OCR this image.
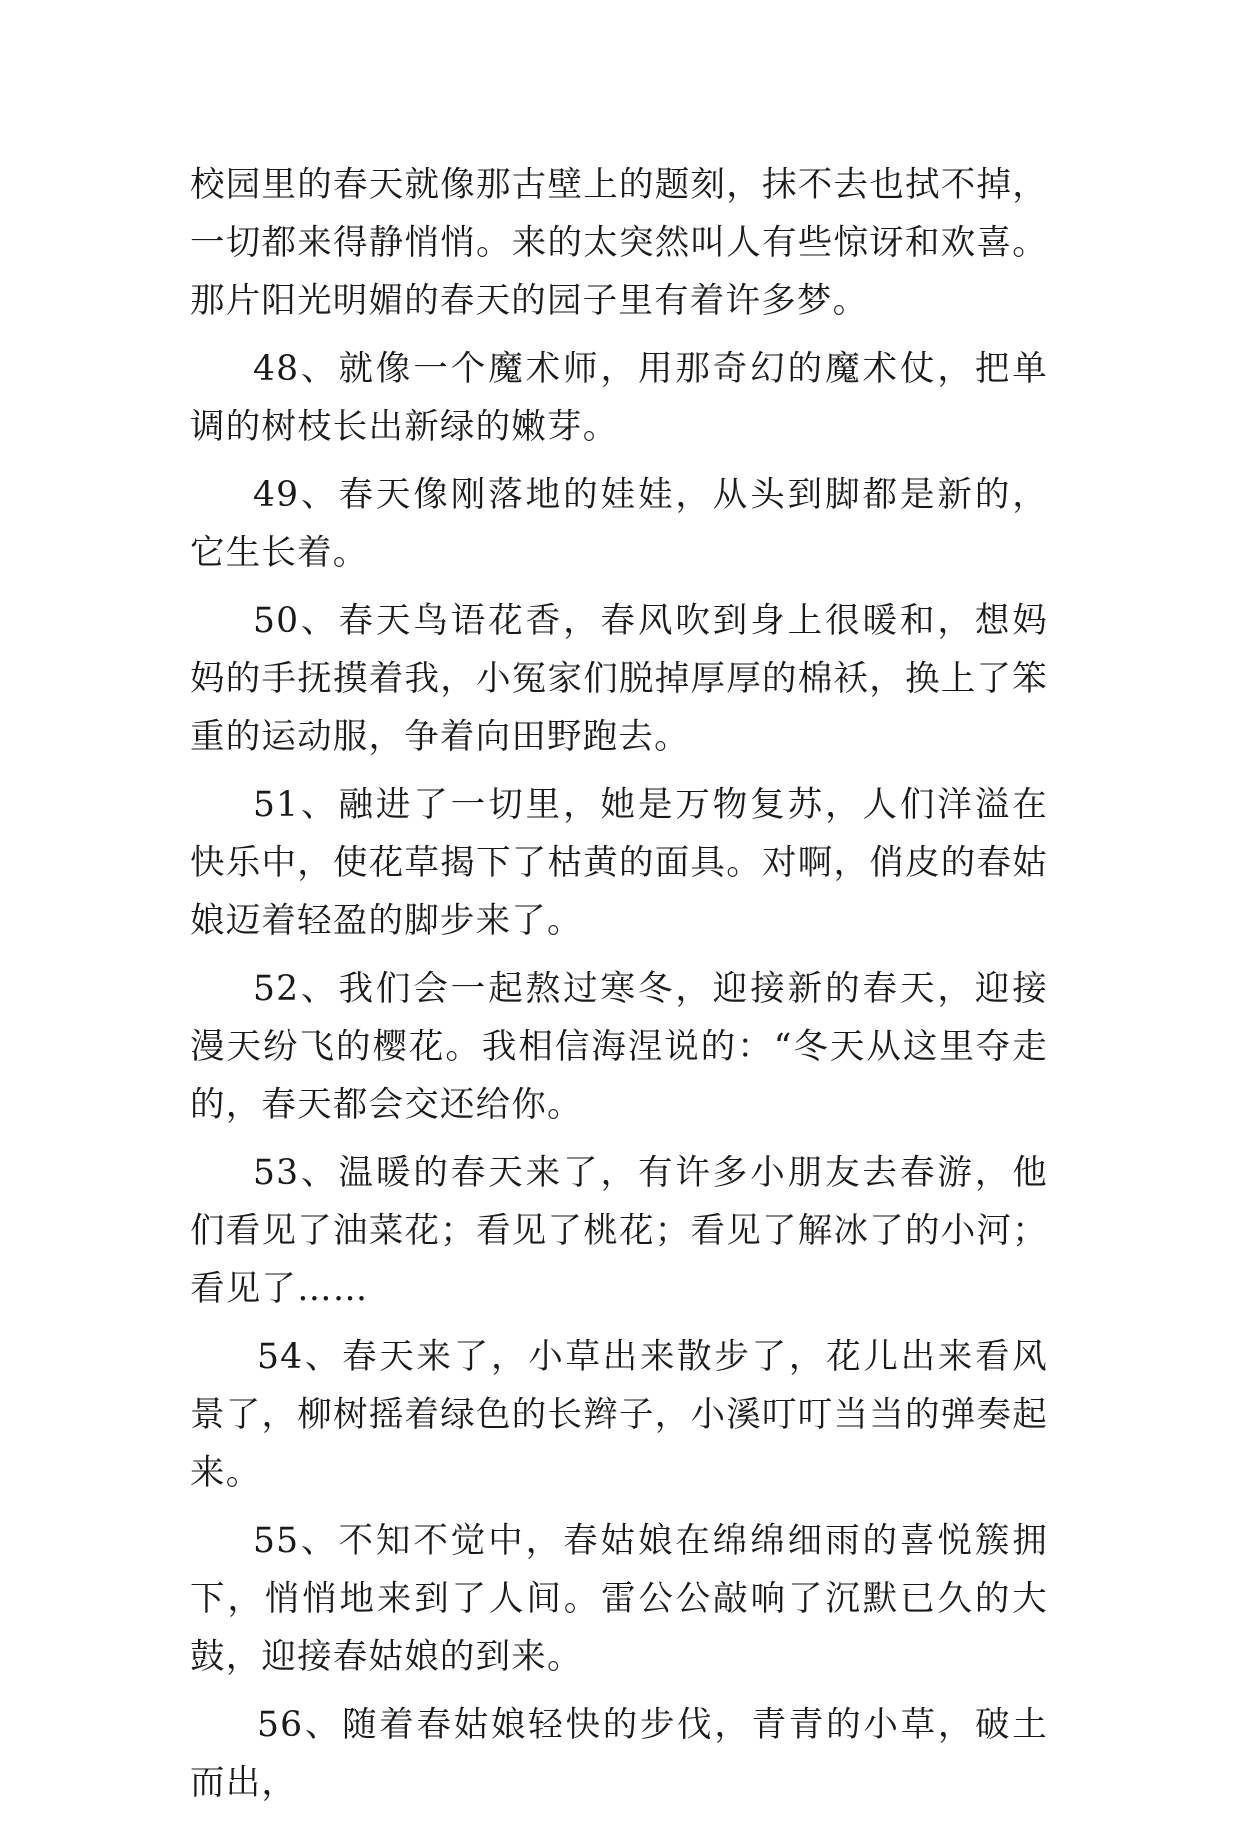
校园里的春天就像那古壁上的题刻，抹不去也拭不掉，一切都来得静悄悄。来的太突然叫人有些惊讶和欢喜。那片阳光明媚的春天的园子里有着许多梦。

48、就像一个魔术师，用那奇幻的魔术仗，把单调的树枝长出新绿的嫩芽。

49、春天像刚落地的娃娃，从头到脚都是新的，它生长着。

50、春天鸟语花香，春风吹到身上很暖和，想妈妈的手抚摸着我，小冤家们脱掉厚厚的棉袄，换上了笨重的运动服，争着向田野跑去。

51、融进了一切里，她是万物复苏，人们洋溢在快乐中，使花草揭下了枯黄的面具。对啊，俏皮的春姑娘迈着轻盈的脚步来了。

52、我们会一起熬过寒冬，迎接新的春天，迎接漫天纷飞的樱花。我相信海涅说的：“冬天从这里夺走的，春天都会交还给你。

53、温暖的春天来了，有许多小朋友去春游，他们看见了油菜花；看见了桃花；看见了解冰了的小河；看见了……

54、春天来了，小草出来散步了，花儿出来看风景了，柳树摇着绿色的长辫子，小溪叮叮当当的弹奏起来。

55、不知不觉中，春姑娘在绵绵细雨的喜悦簇拥下，悄悄地来到了人间。雷公公敲响了沉默已久的大鼓，迎接春姑娘的到来。

56、随着春姑娘轻快的步伐，青青的小草，破土而出，
